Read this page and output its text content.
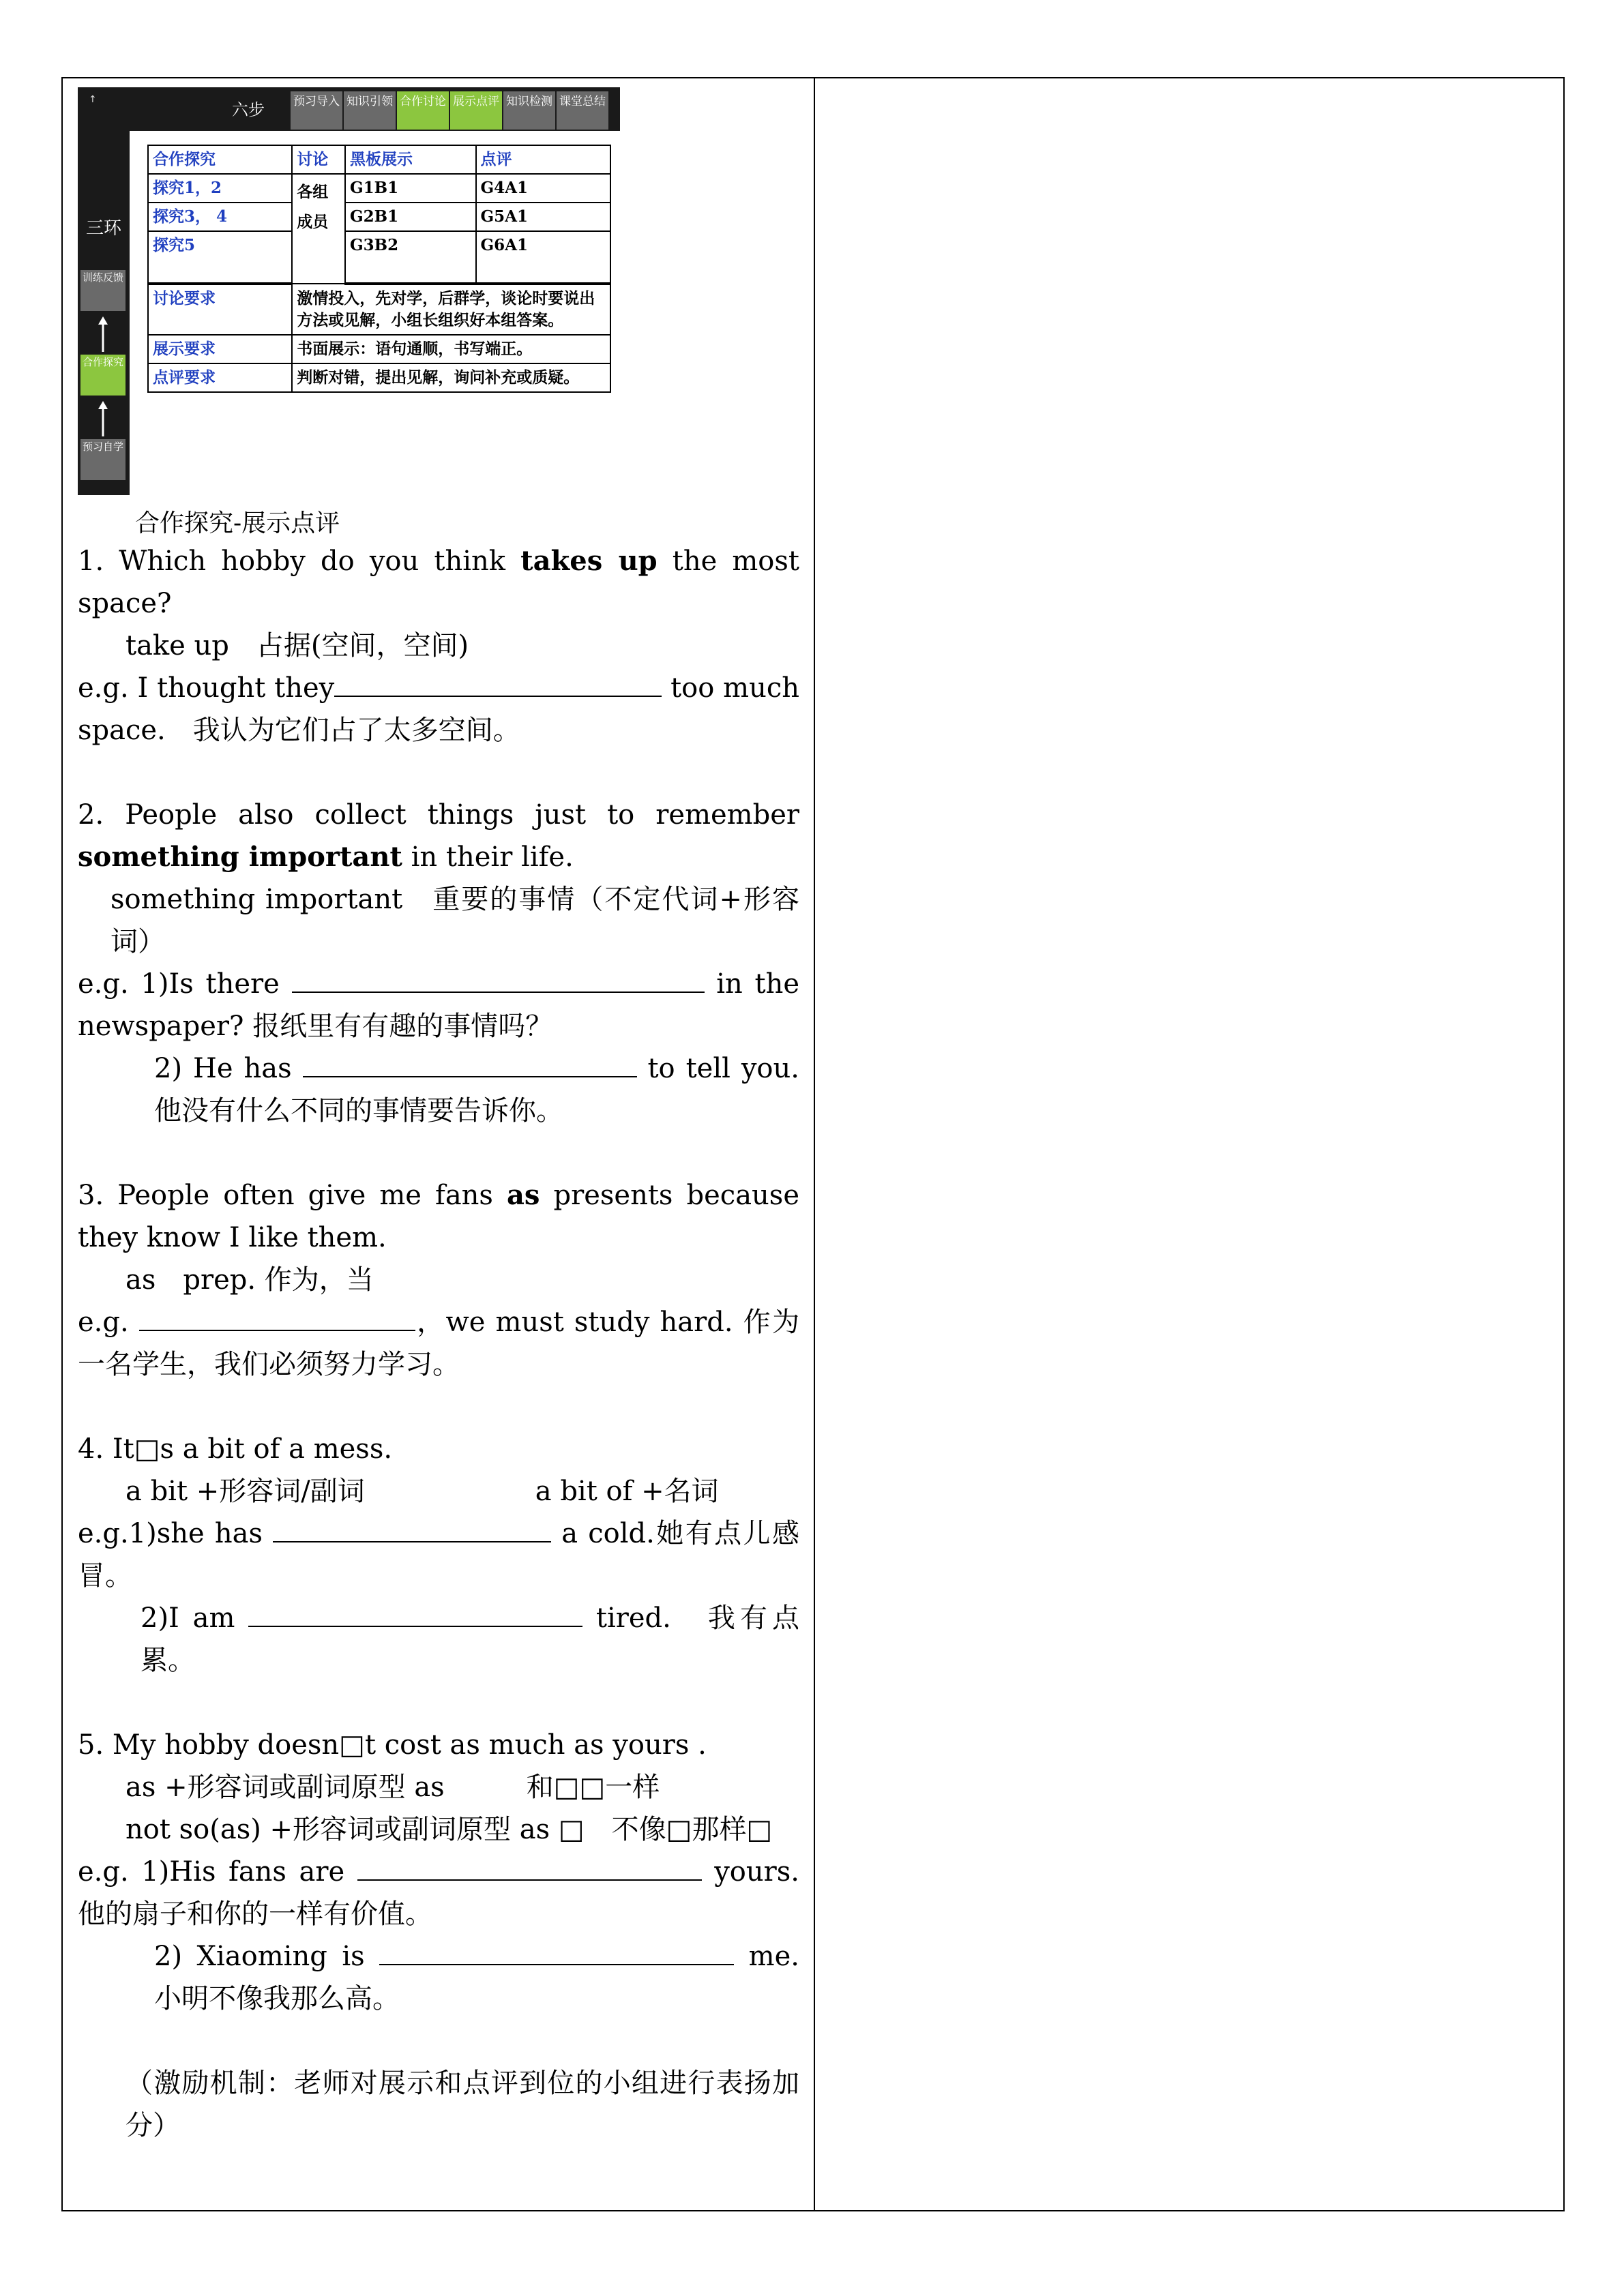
↑
六步	预习导入 知识引领 合作讨论 展示点评 知识检测 课堂总结
三环
训练反馈
合作探究
预习自学
合作探究	讨论	黑板展示	点评
探究1，2	各组成员	G1B1	G4A1
探究3， 4		G2B1	G5A1
探究5		G3B2	G6A1
讨论要求	激情投入，先对学，后群学，谈论时要说出方法或见解，小组长组织好本组答案。		
展示要求	书面展示：语句通顺，书写端正。		
点评要求	判断对错，提出见解，询问补充或质疑。		
合作探究-展示点评
1. Which hobby do you think takes up the most space?
take up　占据(空间，空间)
e.g. I thought they	too much space.　我认为它们占了太多空间。
2. People also collect things just to remember something important in their life.
something important　重要的事情（不定代词+形容词）
e.g. 1)Is there	in the newspaper? 报纸里有有趣的事情吗？
2) He has	to tell you. 他没有什么不同的事情要告诉你。
3. People often give me fans as presents because they know I like them.
as　prep. 作为，当
e.g.	，we must study hard. 作为一名学生，我们必须努力学习。
4. It□s a bit of a mess.
a bit +形容词/副词	a bit of +名词
e.g.1)she has	a cold.她有点儿感冒。
2)I am	tired.　我有点累。
5. My hobby doesn□t cost as much as yours .
as +形容词或副词原型 as　　　和□□一样
not so(as) +形容词或副词原型 as □　不像□那样□
e.g. 1)His fans are	yours. 他的扇子和你的一样有价值。
2) Xiaoming is	me. 小明不像我那么高。
（激励机制：老师对展示和点评到位的小组进行表扬加分）
